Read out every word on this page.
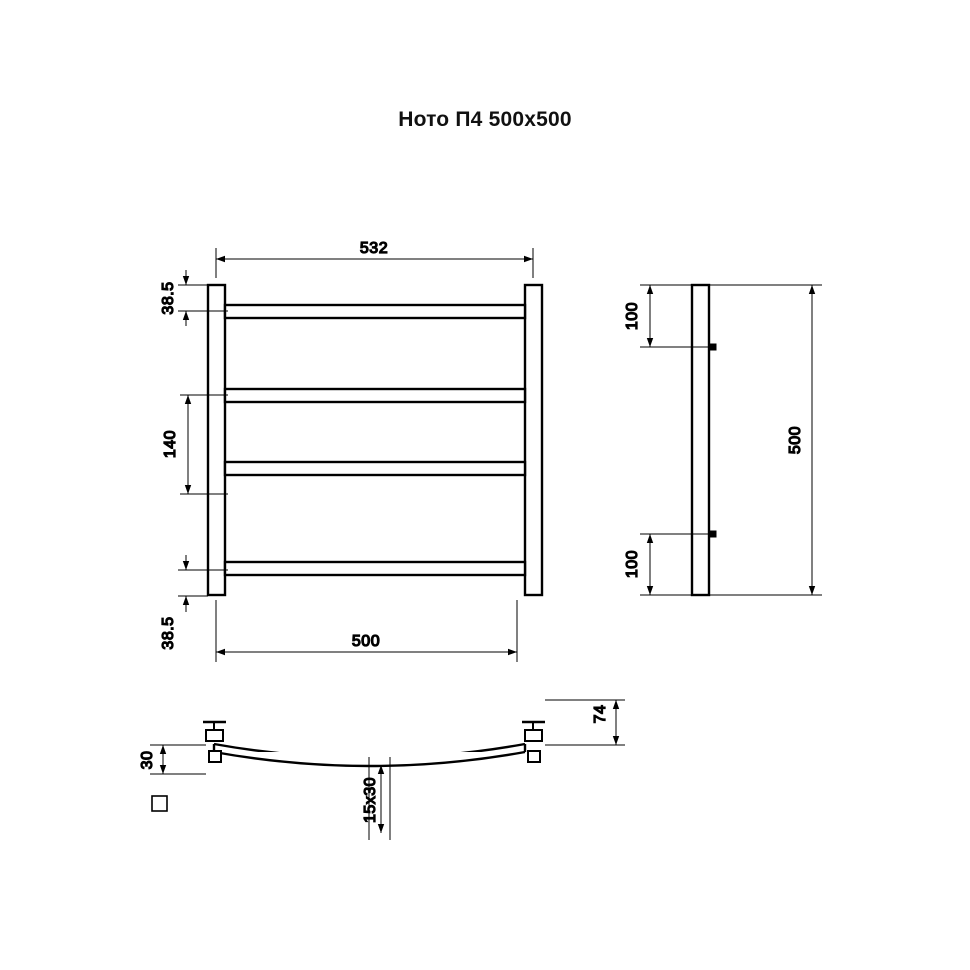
Ното П4 500х500
532
38.5
140
38.5	500
100
100
500
74
30
15x30
